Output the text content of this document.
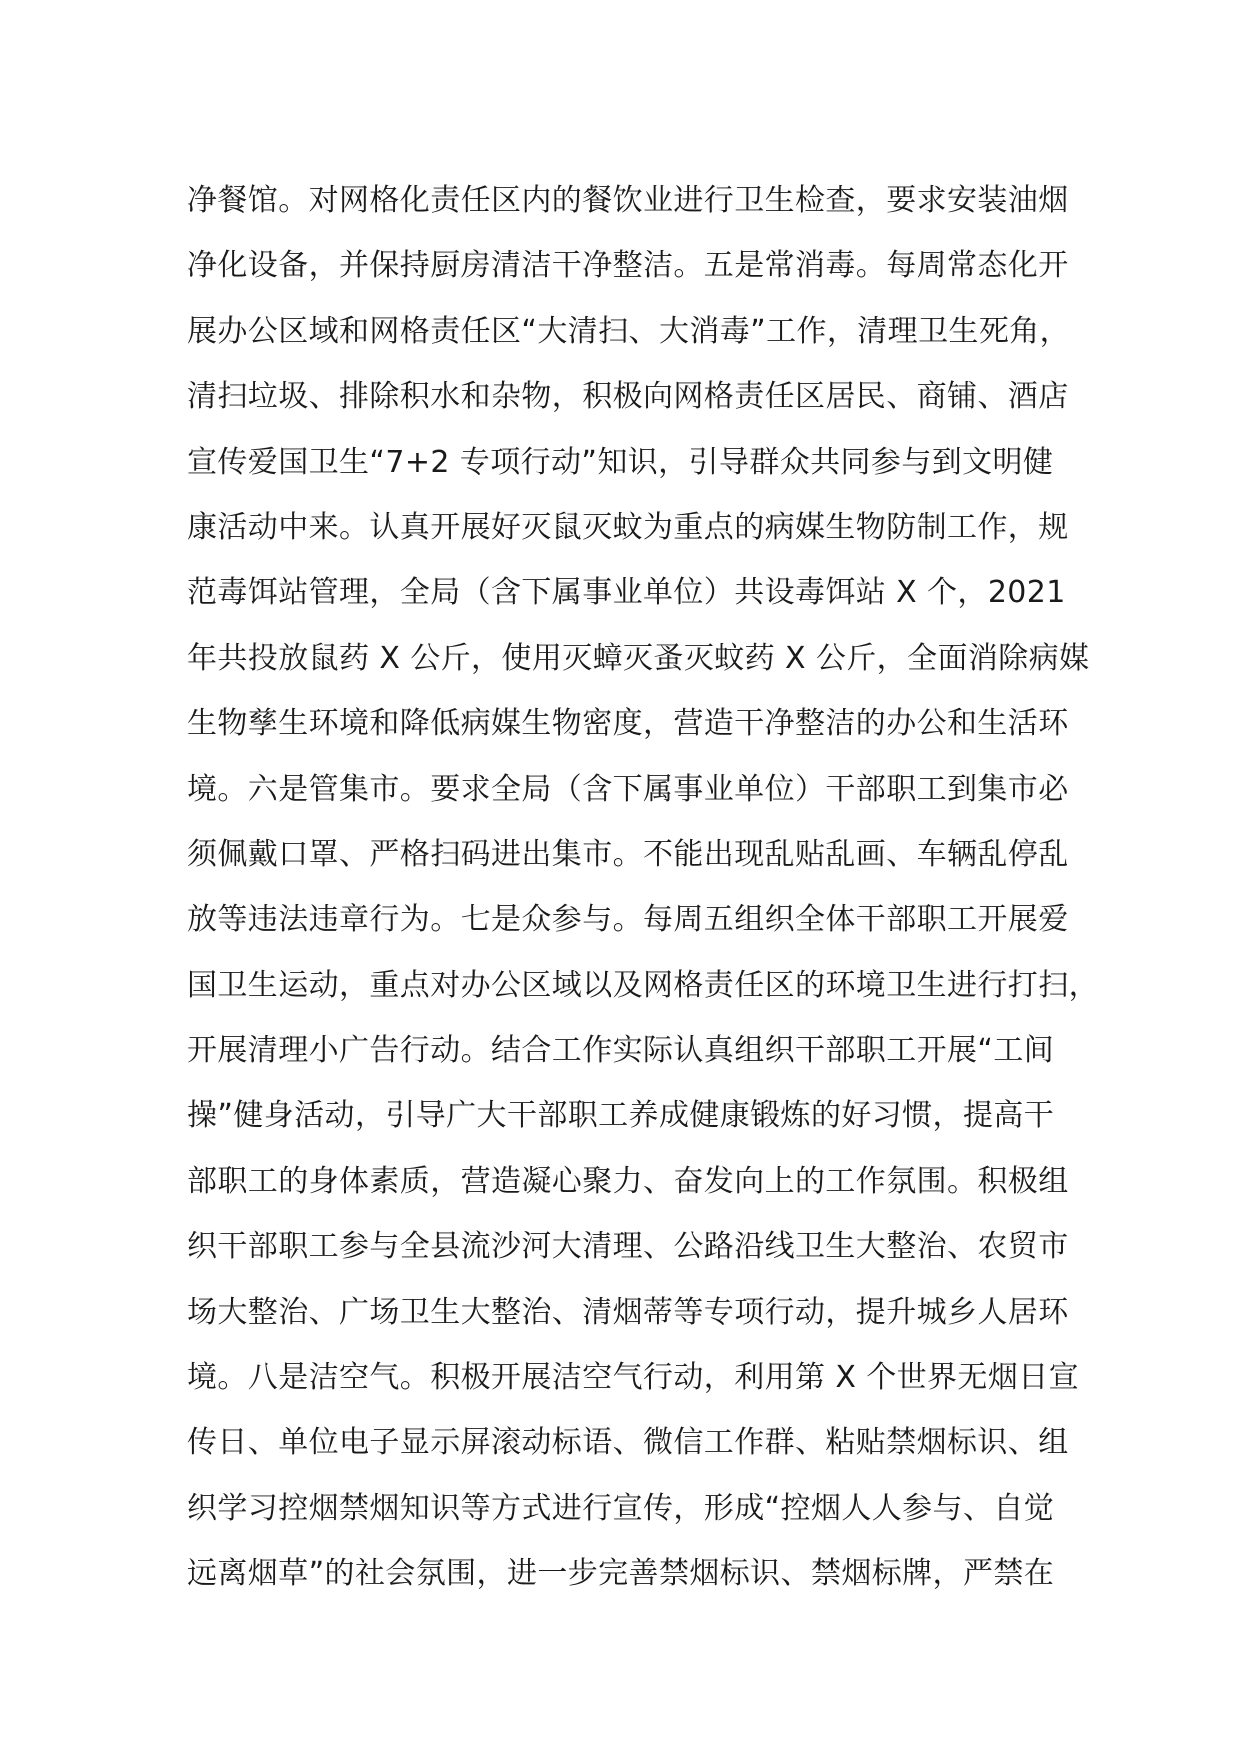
净餐馆。对网格化责任区内的餐饮业进行卫生检查，要求安装油烟
净化设备，并保持厨房清洁干净整洁。五是常消毒。每周常态化开
展办公区域和网格责任区“大清扫、大消毒”工作，清理卫生死角，
清扫垃圾、排除积水和杂物，积极向网格责任区居民、商铺、酒店
宣传爱国卫生“7+2 专项行动”知识，引导群众共同参与到文明健
康活动中来。认真开展好灭鼠灭蚊为重点的病媒生物防制工作，规
范毒饵站管理，全局（含下属事业单位）共设毒饵站 X 个，2021
年共投放鼠药 X 公斤，使用灭蟑灭蚤灭蚊药 X 公斤，全面消除病媒
生物孳生环境和降低病媒生物密度，营造干净整洁的办公和生活环
境。六是管集市。要求全局（含下属事业单位）干部职工到集市必
须佩戴口罩、严格扫码进出集市。不能出现乱贴乱画、车辆乱停乱
放等违法违章行为。七是众参与。每周五组织全体干部职工开展爱
国卫生运动，重点对办公区域以及网格责任区的环境卫生进行打扫，
开展清理小广告行动。结合工作实际认真组织干部职工开展“工间
操”健身活动，引导广大干部职工养成健康锻炼的好习惯，提高干
部职工的身体素质，营造凝心聚力、奋发向上的工作氛围。积极组
织干部职工参与全县流沙河大清理、公路沿线卫生大整治、农贸市
场大整治、广场卫生大整治、清烟蒂等专项行动，提升城乡人居环
境。八是洁空气。积极开展洁空气行动，利用第 X 个世界无烟日宣
传日、单位电子显示屏滚动标语、微信工作群、粘贴禁烟标识、组
织学习控烟禁烟知识等方式进行宣传，形成“控烟人人参与、自觉
远离烟草”的社会氛围，进一步完善禁烟标识、禁烟标牌，严禁在
